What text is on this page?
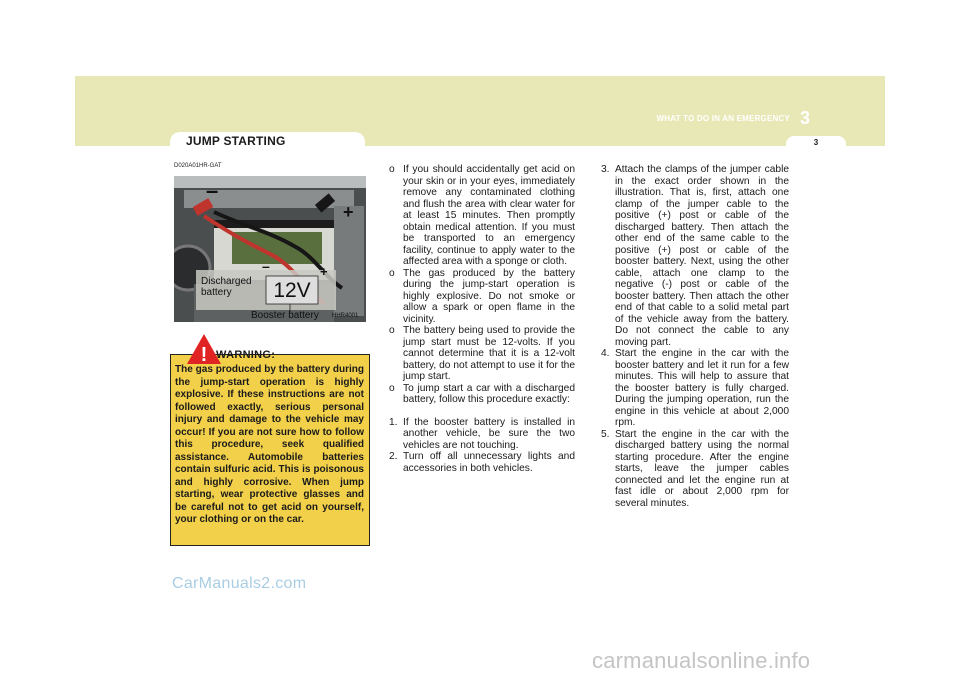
JUMP STARTING
WHAT TO DO IN AN EMERGENCY 3
3
D020A01HR-GAT
–
+
–	+
Discharged battery	12V
Booster battery HHR4001
! WARNING:
The gas produced by the battery during the jump-start operation is highly explosive. If these instructions are not followed exactly, serious personal injury and damage to the vehicle may occur! If you are not sure how to follow this procedure, seek qualified assistance. Automobile batteries contain sulfuric acid. This is poisonous and highly corrosive. When jump starting, wear protective glasses and be careful not to get acid on yourself, your clothing or on the car.

o If you should accidentally get acid on your skin or in your eyes, immediately remove any contaminated clothing and flush the area with clear water for at least 15 minutes. Then promptly obtain medical attention. If you must be transported to an emergency facility, continue to apply water to the affected area with a sponge or cloth.

o The gas produced by the battery during the jump-start operation is highly explosive. Do not smoke or allow a spark or open flame in the vicinity.

o The battery being used to provide the jump start must be 12-volts. If you cannot determine that it is a 12-volt battery, do not attempt to use it for the jump start.

o To jump start a car with a discharged battery, follow this procedure exactly:

1. If the booster battery is installed in another vehicle, be sure the two vehicles are not touching.

2. Turn off all unnecessary lights and accessories in both vehicles.

3. Attach the clamps of the jumper cable in the exact order shown in the illustration. That is, first, attach one clamp of the jumper cable to the positive (+) post or cable of the discharged battery. Then attach the other end of the same cable to the positive (+) post or cable of the booster battery. Next, using the other cable, attach one clamp to the negative (-) post or cable of the booster battery. Then attach the other end of that cable to a solid metal part of the vehicle away from the battery. Do not connect the cable to any moving part.

4. Start the engine in the car with the booster battery and let it run for a few minutes. This will help to assure that the booster battery is fully charged. During the jumping operation, run the engine in this vehicle at about 2,000 rpm.

5. Start the engine in the car with the discharged battery using the normal starting procedure. After the engine starts, leave the jumper cables connected and let the engine run at fast idle or about 2,000 rpm for several minutes.

CarManuals2.com
carmanualsonline.info
